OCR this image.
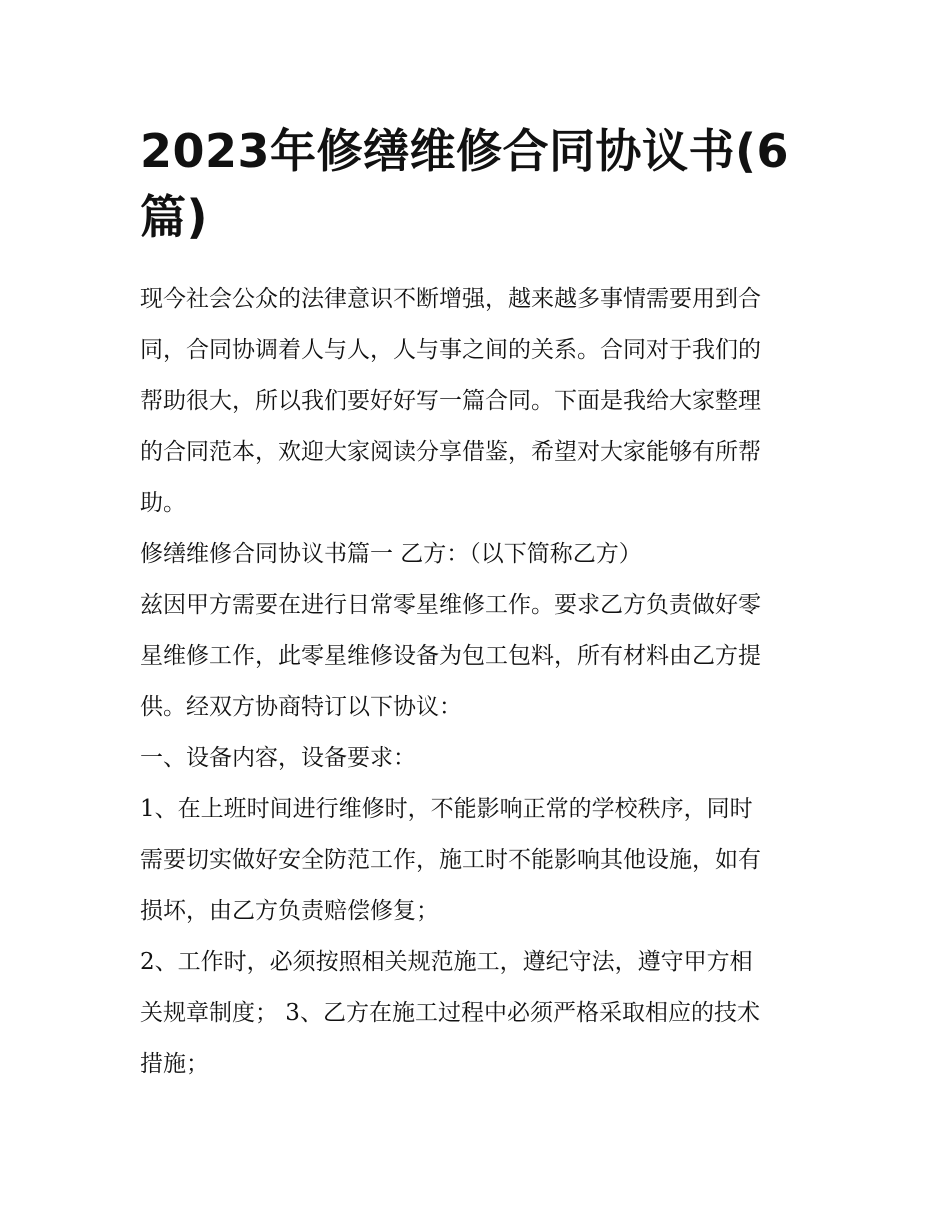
2023年修缮维修合同协议书(6
篇)
现今社会公众的法律意识不断增强，越来越多事情需要用到合
同，合同协调着人与人，人与事之间的关系。合同对于我们的
帮助很大，所以我们要好好写一篇合同。下面是我给大家整理
的合同范本，欢迎大家阅读分享借鉴，希望对大家能够有所帮
助。
修缮维修合同协议书篇一 乙方：（以下简称乙方）
兹因甲方需要在进行日常零星维修工作。要求乙方负责做好零
星维修工作，此零星维修设备为包工包料，所有材料由乙方提
供。经双方协商特订以下协议：
一、设备内容，设备要求：
1、在上班时间进行维修时，不能影响正常的学校秩序，同时
需要切实做好安全防范工作，施工时不能影响其他设施，如有
损坏，由乙方负责赔偿修复；
2、工作时，必须按照相关规范施工，遵纪守法，遵守甲方相
关规章制度； 3、乙方在施工过程中必须严格采取相应的技术
措施；
